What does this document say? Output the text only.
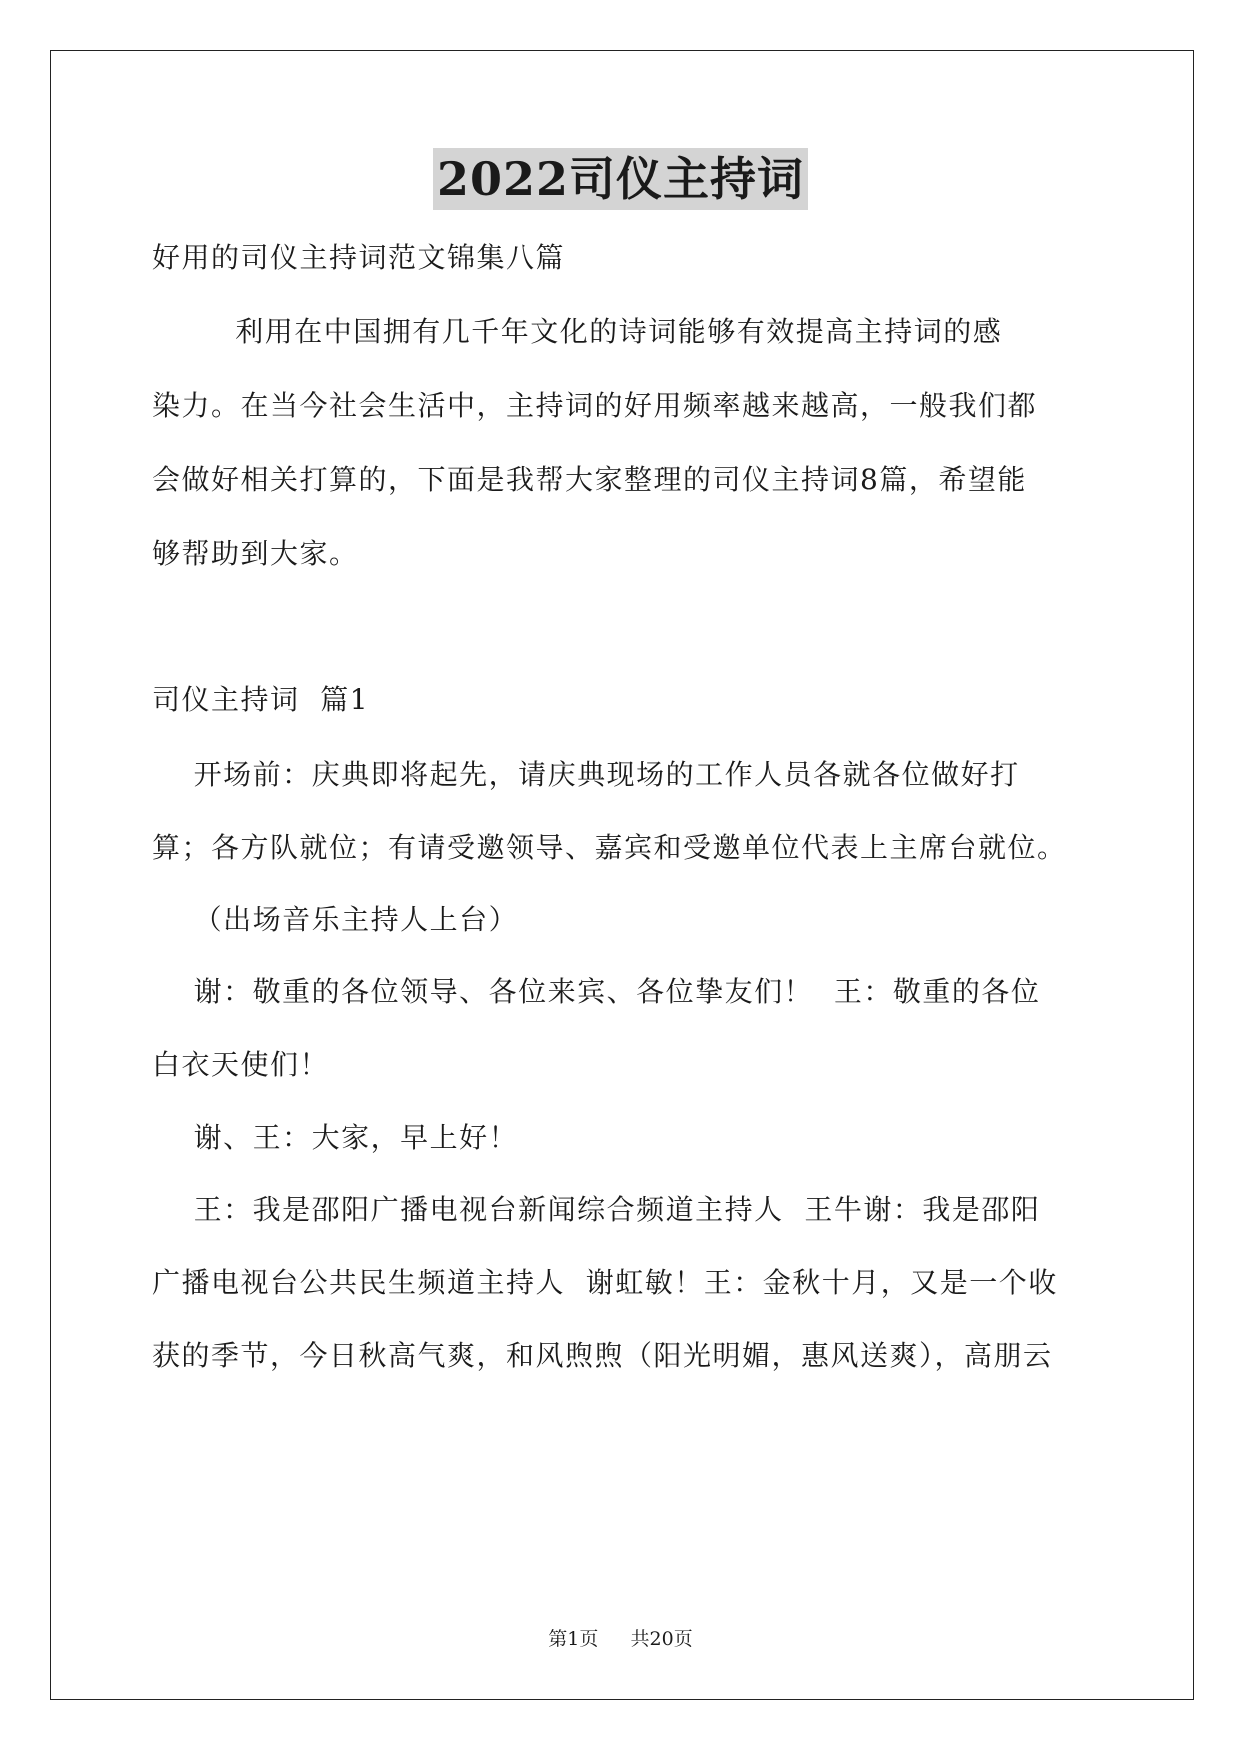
2022司仪主持词
好用的司仪主持词范文锦集八篇
利用在中国拥有几千年文化的诗词能够有效提高主持词的感
染力。在当今社会生活中，主持词的好用频率越来越高，一般我们都
会做好相关打算的，下面是我帮大家整理的司仪主持词8篇，希望能
够帮助到大家。
司仪主持词  篇1
开场前：庆典即将起先，请庆典现场的工作人员各就各位做好打
算；各方队就位；有请受邀领导、嘉宾和受邀单位代表上主席台就位。
（出场音乐主持人上台）
谢：敬重的各位领导、各位来宾、各位挚友们！  王：敬重的各位
白衣天使们！
谢、王：大家，早上好！
王：我是邵阳广播电视台新闻综合频道主持人  王牛谢：我是邵阳
广播电视台公共民生频道主持人  谢虹敏！王：金秋十月，又是一个收
获的季节，今日秋高气爽，和风煦煦（阳光明媚，惠风送爽），高朋云
第1页 共20页
